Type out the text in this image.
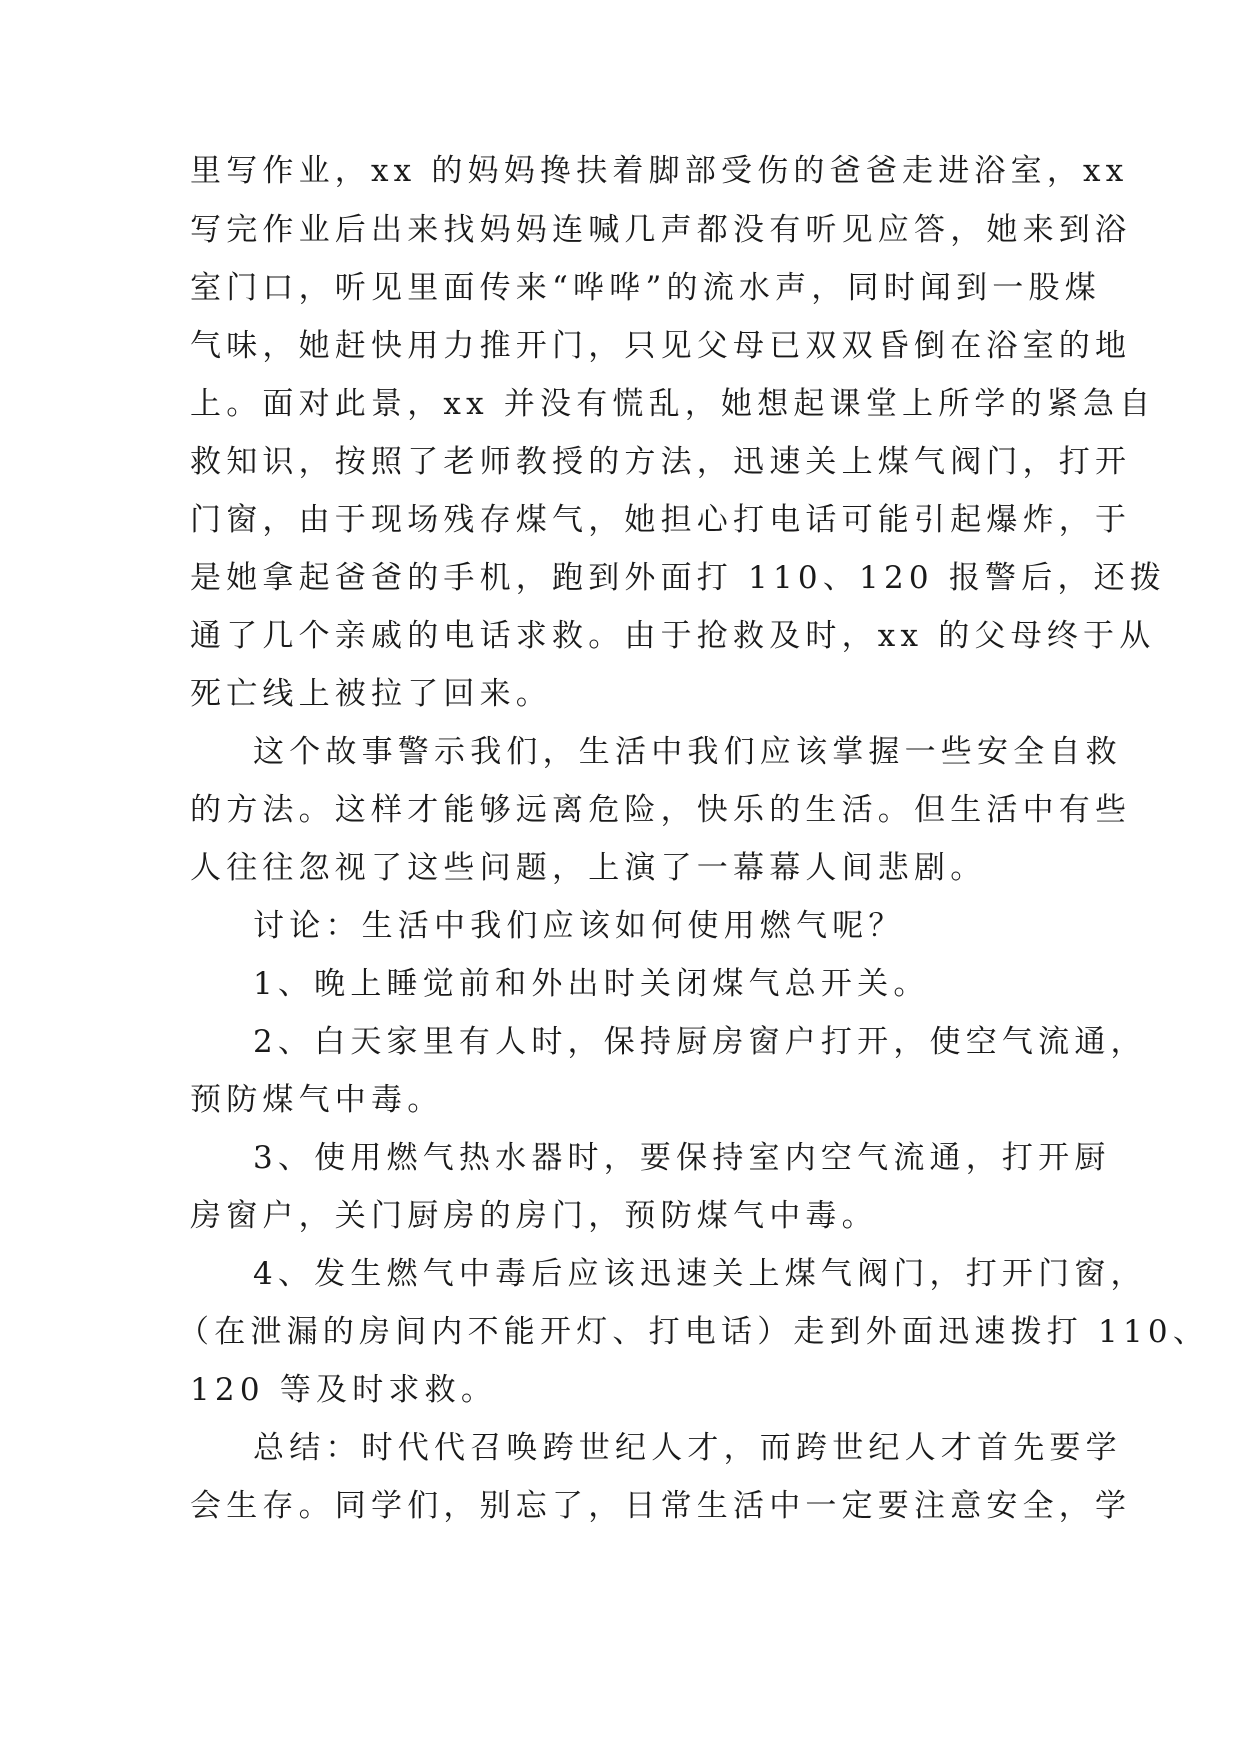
里写作业，xx 的妈妈搀扶着脚部受伤的爸爸走进浴室，xx
写完作业后出来找妈妈连喊几声都没有听见应答，她来到浴
室门口，听见里面传来“哗哗”的流水声，同时闻到一股煤
气味，她赶快用力推开门，只见父母已双双昏倒在浴室的地
上。面对此景，xx 并没有慌乱，她想起课堂上所学的紧急自
救知识，按照了老师教授的方法，迅速关上煤气阀门，打开
门窗，由于现场残存煤气，她担心打电话可能引起爆炸，于
是她拿起爸爸的手机，跑到外面打 110、120 报警后，还拨
通了几个亲戚的电话求救。由于抢救及时，xx 的父母终于从
死亡线上被拉了回来。
这个故事警示我们，生活中我们应该掌握一些安全自救
的方法。这样才能够远离危险，快乐的生活。但生活中有些
人往往忽视了这些问题，上演了一幕幕人间悲剧。
讨论：生活中我们应该如何使用燃气呢？
1、晚上睡觉前和外出时关闭煤气总开关。
2、白天家里有人时，保持厨房窗户打开，使空气流通，
预防煤气中毒。
3、使用燃气热水器时，要保持室内空气流通，打开厨
房窗户，关门厨房的房门，预防煤气中毒。
4、发生燃气中毒后应该迅速关上煤气阀门，打开门窗，
（在泄漏的房间内不能开灯、打电话）走到外面迅速拨打 110、
120 等及时求救。
总结：时代代召唤跨世纪人才，而跨世纪人才首先要学
会生存。同学们，别忘了，日常生活中一定要注意安全，学
